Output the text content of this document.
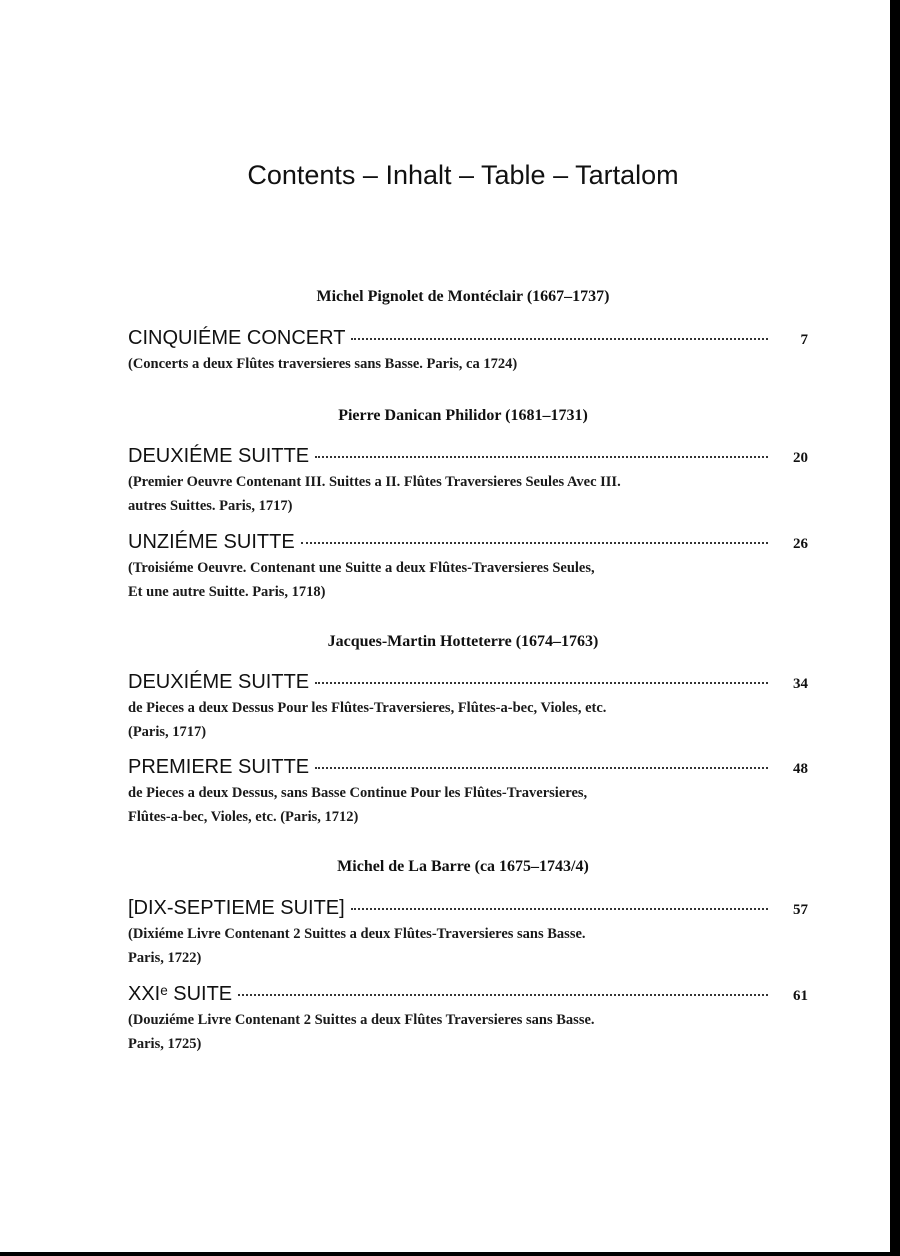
Contents – Inhalt – Table – Tartalom
Michel Pignolet de Montéclair (1667–1737)
CINQUIÉME CONCERT	7
(Concerts a deux Flûtes traversieres sans Basse. Paris, ca 1724)
Pierre Danican Philidor (1681–1731)
DEUXIÉME SUITTE	20
(Premier Oeuvre Contenant III. Suittes a II. Flûtes Traversieres Seules Avec III.
autres Suittes. Paris, 1717)
UNZIÉME SUITTE	26
(Troisiéme Oeuvre. Contenant une Suitte a deux Flûtes-Traversieres Seules,
Et une autre Suitte. Paris, 1718)
Jacques-Martin Hotteterre (1674–1763)
DEUXIÉME SUITTE	34
de Pieces a deux Dessus Pour les Flûtes-Traversieres, Flûtes-a-bec, Violes, etc.
(Paris, 1717)
PREMIERE SUITTE	48
de Pieces a deux Dessus, sans Basse Continue Pour les Flûtes-Traversieres,
Flûtes-a-bec, Violes, etc. (Paris, 1712)
Michel de La Barre (ca 1675–1743/4)
[DIX-SEPTIEME SUITE]	57
(Dixiéme Livre Contenant 2 Suittes a deux Flûtes-Traversieres sans Basse.
Paris, 1722)
XXIᵉ SUITE	61
(Douziéme Livre Contenant 2 Suittes a deux Flûtes Traversieres sans Basse.
Paris, 1725)
